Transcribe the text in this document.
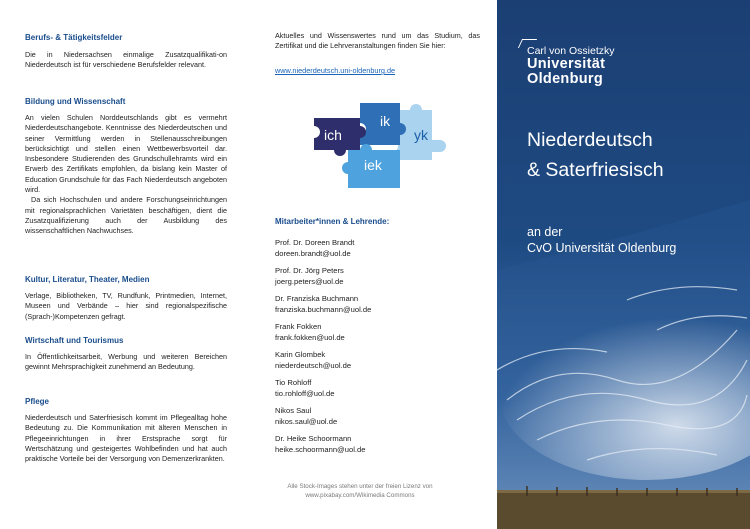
Berufs- & Tätigkeitsfelder

Die in Niedersachsen einmalige Zusatzqualifikati-on Niederdeutsch ist für verschiedene Berufsfelder relevant.

Bildung und Wissenschaft

An vielen Schulen Norddeutschlands gibt es vermehrt Niederdeutschangebote. Kenntnisse des Niederdeutschen und seiner Vermittlung werden in Stellenausschreibungen berücksichtigt und stellen einen Wettbewerbsvorteil dar. Insbesondere Studierenden des Grundschullehramts wird ein Erwerb des Zertifikats empfohlen, da bislang kein Master of Education Grundschule für das Fach Niederdeutsch angeboten wird.

Da sich Hochschulen und andere Forschungseinrichtungen mit regionalsprachlichen Varietäten beschäftigen, dient die Zusatzqualifizierung auch der Ausbildung des wissenschaftlichen Nachwuchses.

Kultur, Literatur, Theater, Medien

Verlage, Bibliotheken, TV, Rundfunk, Printmedien, Internet, Museen und Verbände – hier sind regionalspezifische (Sprach-)Kompetenzen gefragt.

Wirtschaft und Tourismus

In Öffentlichkeitsarbeit, Werbung und weiteren Bereichen gewinnt Mehrsprachigkeit zunehmend an Bedeutung.

Pflege

Niederdeutsch und Saterfriesisch kommt im Pflegealltag hohe Bedeutung zu. Die Kommunikation mit älteren Menschen in Pflegeeinrichtungen in ihrer Erstsprache sorgt für Wertschätzung und gesteigertes Wohlbefinden und hat auch praktische Vorteile bei der Versorgung von Demenzerkrankten.

Aktuelles und Wissenswertes rund um das Studium, das Zertifikat und die Lehrveranstaltungen finden Sie hier:

www.niederdeutsch.uni-oldenburg.de
yk
ik
ich
iek
Mitarbeiter*innen & Lehrende:
Prof. Dr. Doreen Brandt
doreen.brandt@uol.de
Prof. Dr. Jörg Peters
joerg.peters@uol.de
Dr. Franziska Buchmann
franziska.buchmann@uol.de
Frank Fokken
frank.fokken@uol.de
Karin Glombek
niederdeutsch@uol.de
Tio Rohloff
tio.rohloff@uol.de
Nikos Saul
nikos.saul@uol.de
Dr. Heike Schoormann
heike.schoormann@uol.de
Alle Stock-Images stehen unter der freien Lizenz von
www.pixabay.com/Wikimedia Commons
Carl von Ossietzky
Universität
Oldenburg
Niederdeutsch
& Saterfriesisch
an der
CvO Universität Oldenburg
